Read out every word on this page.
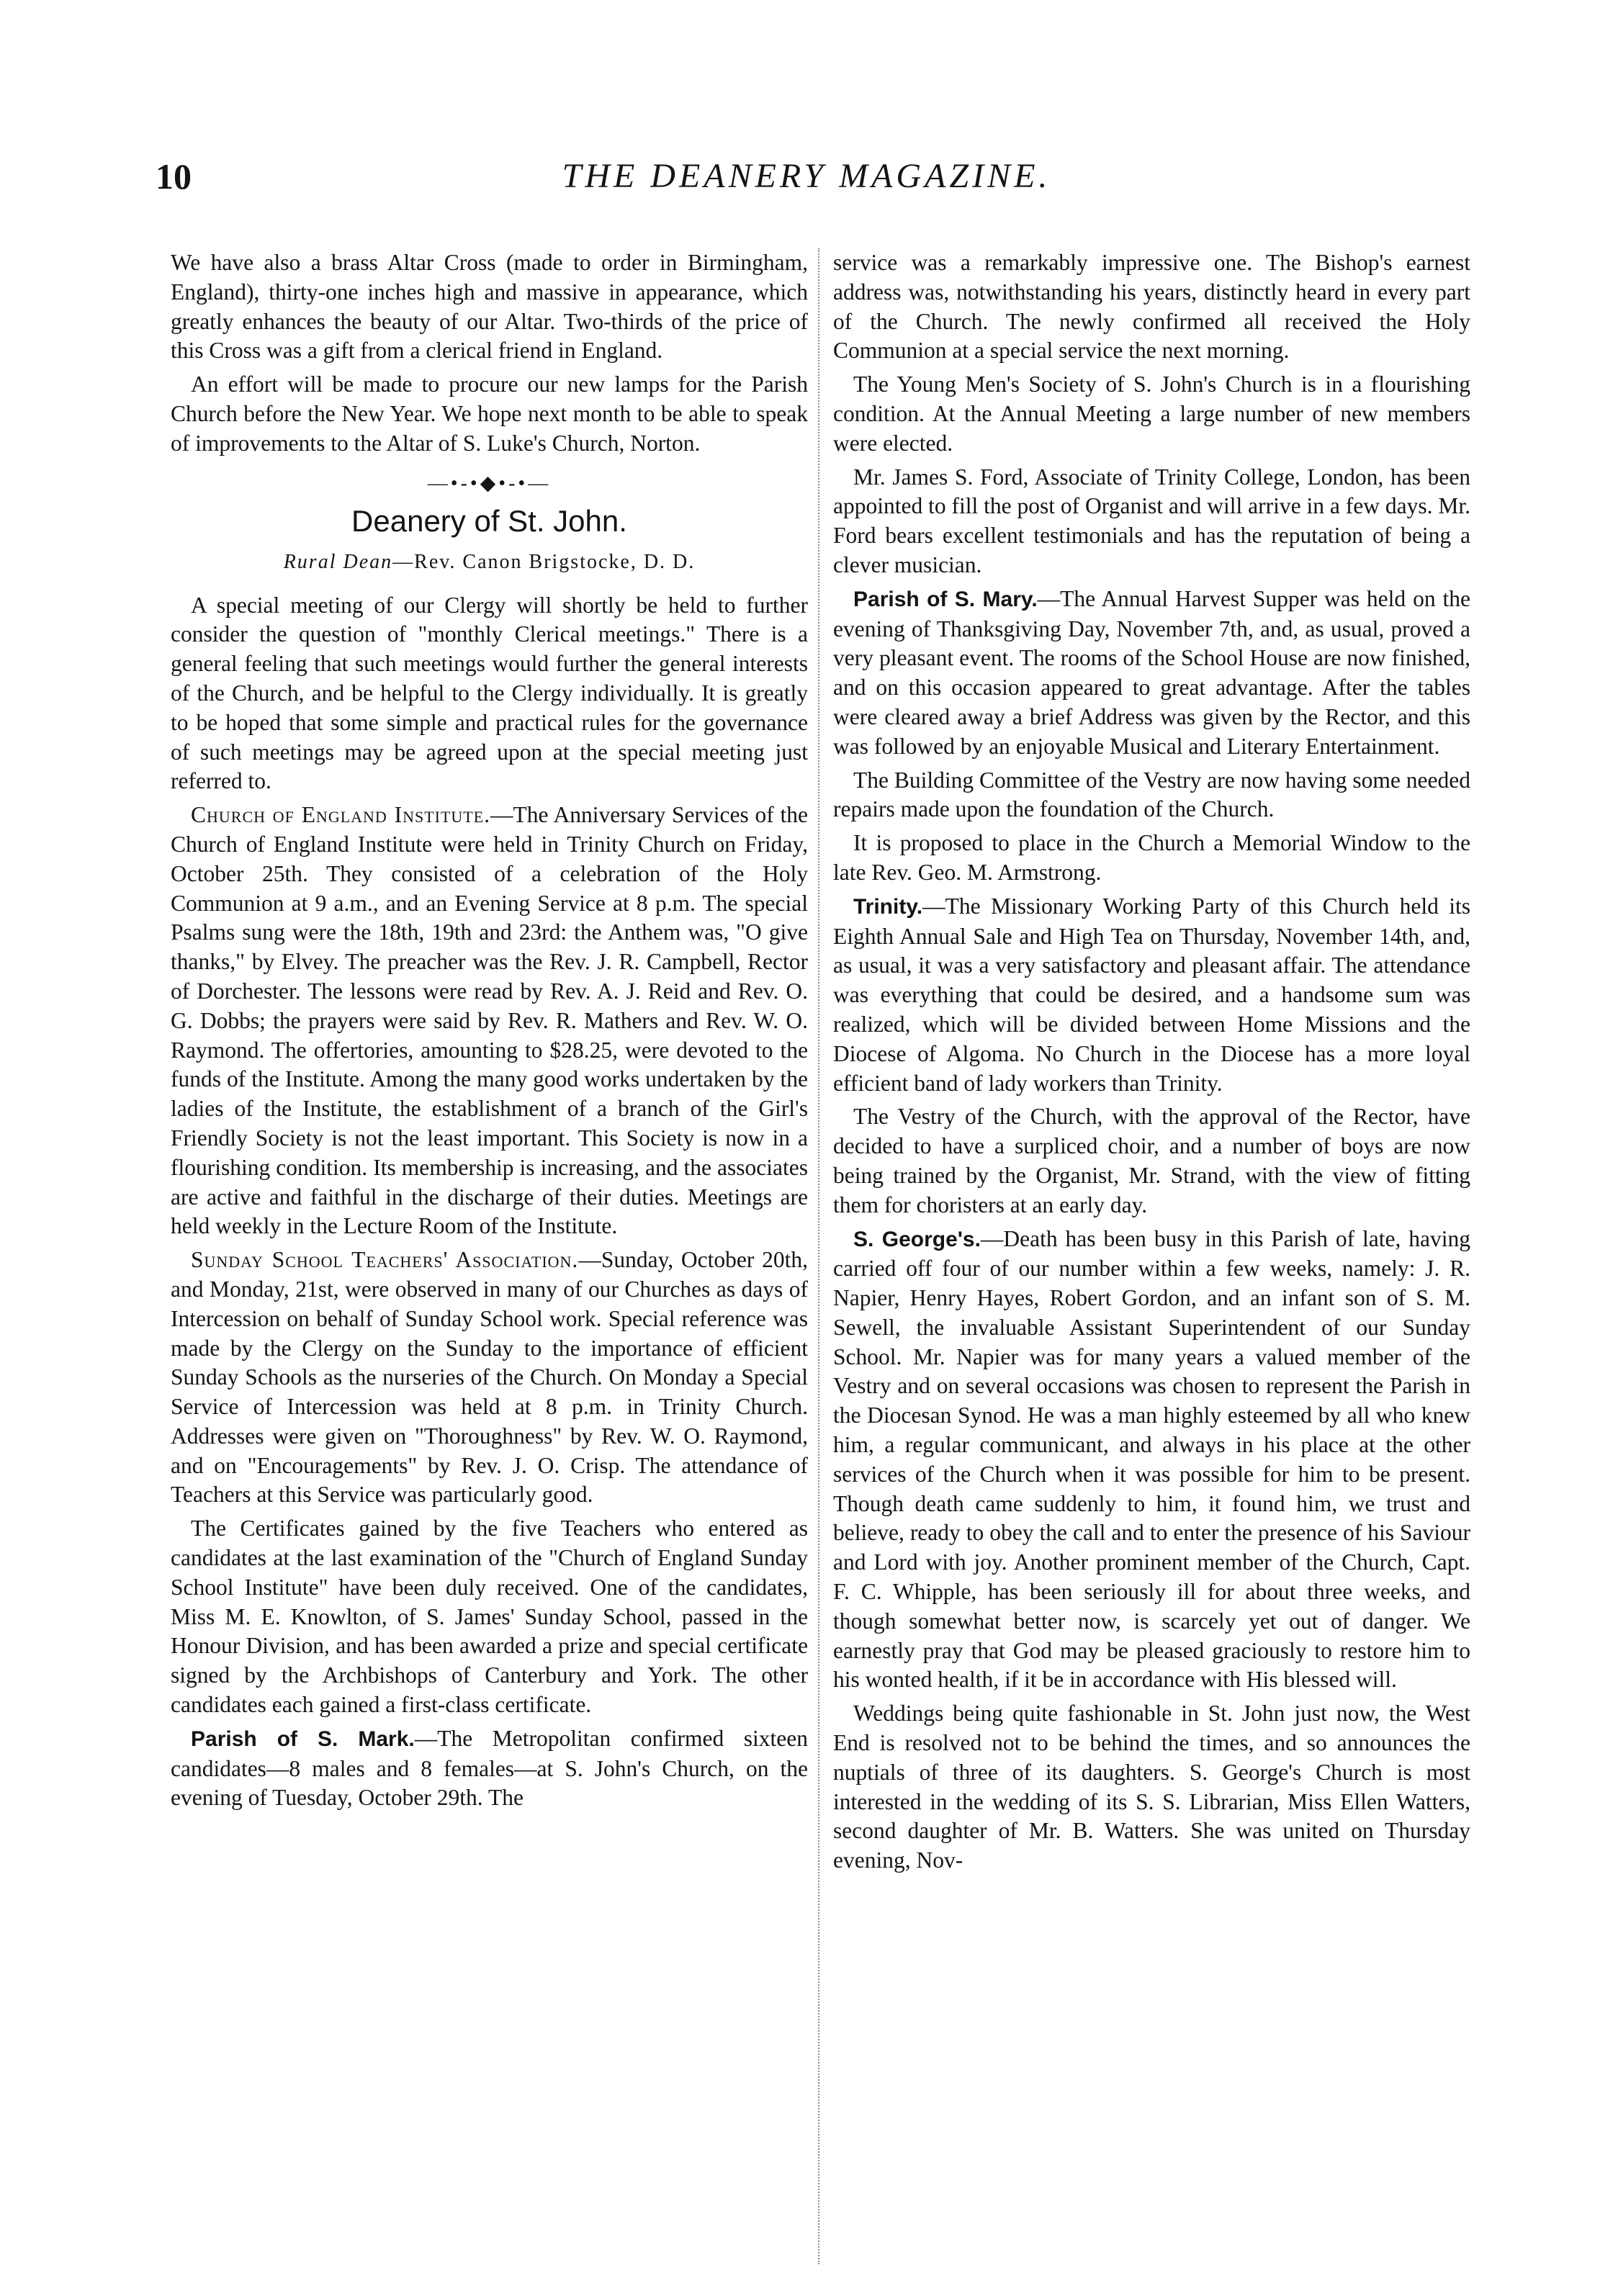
10	THE DEANERY MAGAZINE.

We have also a brass Altar Cross (made to order in Birmingham, England), thirty-one inches high and massive in appearance, which greatly enhances the beauty of our Altar. Two-thirds of the price of this Cross was a gift from a clerical friend in England.

An effort will be made to procure our new lamps for the Parish Church before the New Year. We hope next month to be able to speak of improvements to the Altar of S. Luke's Church, Norton.

—•-•◆•-•—
Deanery of St. John.
Rural Dean—Rev. Canon Brigstocke, D. D.

A special meeting of our Clergy will shortly be held to further consider the question of "monthly Clerical meetings." There is a general feeling that such meetings would further the general interests of the Church, and be helpful to the Clergy individually. It is greatly to be hoped that some simple and practical rules for the governance of such meetings may be agreed upon at the special meeting just referred to.

Church of England Institute.—The Anniversary Services of the Church of England Institute were held in Trinity Church on Friday, October 25th. They consisted of a celebration of the Holy Communion at 9 a.m., and an Evening Service at 8 p.m. The special Psalms sung were the 18th, 19th and 23rd: the Anthem was, "O give thanks," by Elvey. The preacher was the Rev. J. R. Campbell, Rector of Dorchester. The lessons were read by Rev. A. J. Reid and Rev. O. G. Dobbs; the prayers were said by Rev. R. Mathers and Rev. W. O. Raymond. The offertories, amounting to $28.25, were devoted to the funds of the Institute. Among the many good works undertaken by the ladies of the Institute, the establishment of a branch of the Girl's Friendly Society is not the least important. This Society is now in a flourishing condition. Its membership is increasing, and the associates are active and faithful in the discharge of their duties. Meetings are held weekly in the Lecture Room of the Institute.

Sunday School Teachers' Association.—Sunday, October 20th, and Monday, 21st, were observed in many of our Churches as days of Intercession on behalf of Sunday School work. Special reference was made by the Clergy on the Sunday to the importance of efficient Sunday Schools as the nurseries of the Church. On Monday a Special Service of Intercession was held at 8 p.m. in Trinity Church. Addresses were given on "Thoroughness" by Rev. W. O. Raymond, and on "Encouragements" by Rev. J. O. Crisp. The attendance of Teachers at this Service was particularly good.

The Certificates gained by the five Teachers who entered as candidates at the last examination of the "Church of England Sunday School Institute" have been duly received. One of the candidates, Miss M. E. Knowlton, of S. James' Sunday School, passed in the Honour Division, and has been awarded a prize and special certificate signed by the Archbishops of Canterbury and York. The other candidates each gained a first-class certificate.

Parish of S. Mark.—The Metropolitan confirmed sixteen candidates—8 males and 8 females—at S. John's Church, on the evening of Tuesday, October 29th. The

service was a remarkably impressive one. The Bishop's earnest address was, notwithstanding his years, distinctly heard in every part of the Church. The newly confirmed all received the Holy Communion at a special service the next morning.

The Young Men's Society of S. John's Church is in a flourishing condition. At the Annual Meeting a large number of new members were elected.

Mr. James S. Ford, Associate of Trinity College, London, has been appointed to fill the post of Organist and will arrive in a few days. Mr. Ford bears excellent testimonials and has the reputation of being a clever musician.

Parish of S. Mary.—The Annual Harvest Supper was held on the evening of Thanksgiving Day, November 7th, and, as usual, proved a very pleasant event. The rooms of the School House are now finished, and on this occasion appeared to great advantage. After the tables were cleared away a brief Address was given by the Rector, and this was followed by an enjoyable Musical and Literary Entertainment.

The Building Committee of the Vestry are now having some needed repairs made upon the foundation of the Church.

It is proposed to place in the Church a Memorial Window to the late Rev. Geo. M. Armstrong.

Trinity.—The Missionary Working Party of this Church held its Eighth Annual Sale and High Tea on Thursday, November 14th, and, as usual, it was a very satisfactory and pleasant affair. The attendance was everything that could be desired, and a handsome sum was realized, which will be divided between Home Missions and the Diocese of Algoma. No Church in the Diocese has a more loyal efficient band of lady workers than Trinity.

The Vestry of the Church, with the approval of the Rector, have decided to have a surpliced choir, and a number of boys are now being trained by the Organist, Mr. Strand, with the view of fitting them for choristers at an early day.

S. George's.—Death has been busy in this Parish of late, having carried off four of our number within a few weeks, namely: J. R. Napier, Henry Hayes, Robert Gordon, and an infant son of S. M. Sewell, the invaluable Assistant Superintendent of our Sunday School. Mr. Napier was for many years a valued member of the Vestry and on several occasions was chosen to represent the Parish in the Diocesan Synod. He was a man highly esteemed by all who knew him, a regular communicant, and always in his place at the other services of the Church when it was possible for him to be present. Though death came suddenly to him, it found him, we trust and believe, ready to obey the call and to enter the presence of his Saviour and Lord with joy. Another prominent member of the Church, Capt. F. C. Whipple, has been seriously ill for about three weeks, and though somewhat better now, is scarcely yet out of danger. We earnestly pray that God may be pleased graciously to restore him to his wonted health, if it be in accordance with His blessed will.

Weddings being quite fashionable in St. John just now, the West End is resolved not to be behind the times, and so announces the nuptials of three of its daughters. S. George's Church is most interested in the wedding of its S. S. Librarian, Miss Ellen Watters, second daughter of Mr. B. Watters. She was united on Thursday evening, Nov-
